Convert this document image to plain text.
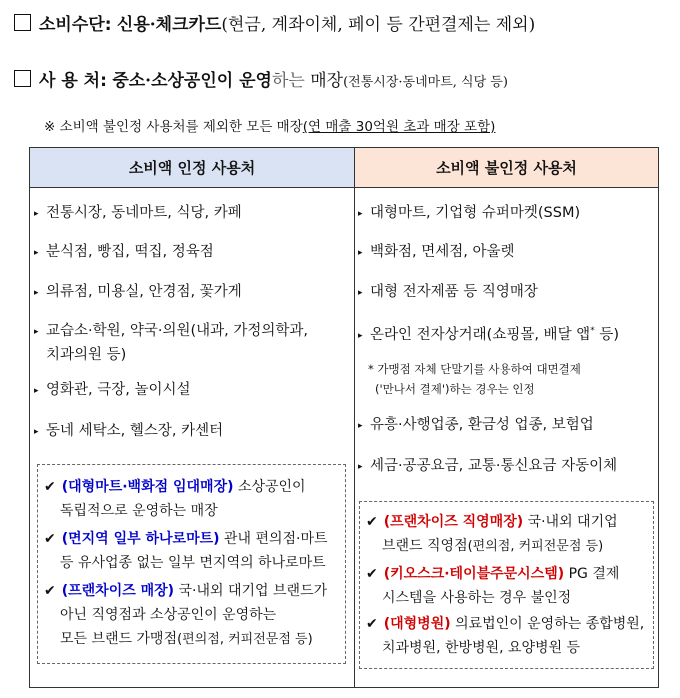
소비수단: 신용·체크카드(현금, 계좌이체, 페이 등 간편결제는 제외)
사 용 처: 중소·소상공인이 운영하는 매장(전통시장·동네마트, 식당 등)
※ 소비액 불인정 사용처를 제외한 모든 매장(연 매출 30억원 초과 매장 포함)
소비액 인정 사용처	소비액 불인정 사용처
▸ 전통시장, 동네마트, 식당, 카페
▸ 분식점, 빵집, 떡집, 정육점
▸ 의류점, 미용실, 안경점, 꽃가게
▸ 교습소·학원, 약국·의원(내과, 가정의학과,
치과의원 등)
▸ 영화관, 극장, 놀이시설
▸ 동네 세탁소, 헬스장, 카센터
▸ 대형마트, 기업형 슈퍼마켓(SSM)
▸ 백화점, 면세점, 아울렛
▸ 대형 전자제품 등 직영매장
▸ 온라인 전자상거래(쇼핑몰, 배달 앱* 등)
* 가맹점 자체 단말기를 사용하여 대면결제
('만나서 결제')하는 경우는 인정
▸ 유흥·사행업종, 환금성 업종, 보험업
▸ 세금·공공요금, 교통·통신요금 자동이체
✔ (대형마트·백화점 임대매장) 소상공인이
독립적으로 운영하는 매장
✔ (면지역 일부 하나로마트) 관내 편의점·마트
등 유사업종 없는 일부 면지역의 하나로마트
✔ (프랜차이즈 매장) 국·내외 대기업 브랜드가
아닌 직영점과 소상공인이 운영하는
모든 브랜드 가맹점(편의점, 커피전문점 등)
✔ (프랜차이즈 직영매장) 국·내외 대기업
브랜드 직영점(편의점, 커피전문점 등)
✔ (키오스크·테이블주문시스템) PG 결제
시스템을 사용하는 경우 불인정
✔ (대형병원) 의료법인이 운영하는 종합병원,
치과병원, 한방병원, 요양병원 등
